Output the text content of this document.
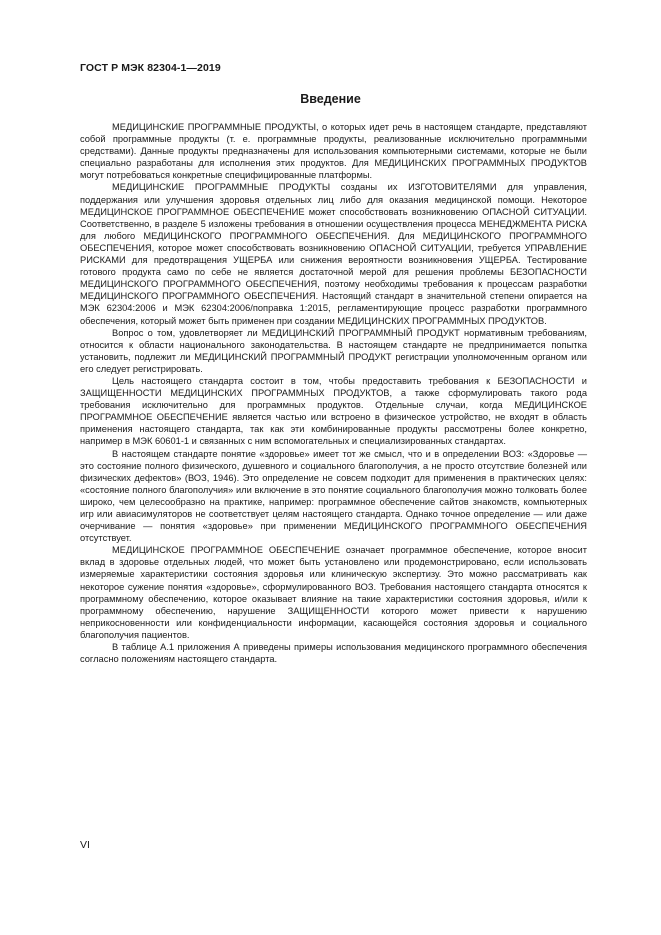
ГОСТ Р МЭК 82304-1—2019
Введение

МЕДИЦИНСКИЕ ПРОГРАММНЫЕ ПРОДУКТЫ, о которых идет речь в настоящем стандарте, представляют собой программные продукты (т. е. программные продукты, реализованные исключительно программными средствами). Данные продукты предназначены для использования компьютерными системами, которые не были специально разработаны для исполнения этих продуктов. Для МЕДИЦИНСКИХ ПРОГРАММНЫХ ПРОДУКТОВ могут потребоваться конкретные специфицированные платформы.

МЕДИЦИНСКИЕ ПРОГРАММНЫЕ ПРОДУКТЫ созданы их ИЗГОТОВИТЕЛЯМИ для управления, поддержания или улучшения здоровья отдельных лиц либо для оказания медицинской помощи. Некоторое МЕДИЦИНСКОЕ ПРОГРАММНОЕ ОБЕСПЕЧЕНИЕ может способствовать возникновению ОПАСНОЙ СИТУАЦИИ. Соответственно, в разделе 5 изложены требования в отношении осуществления процесса МЕНЕДЖМЕНТА РИСКА для любого МЕДИЦИНСКОГО ПРОГРАММНОГО ОБЕСПЕЧЕНИЯ. Для МЕДИЦИНСКОГО ПРОГРАММНОГО ОБЕСПЕЧЕНИЯ, которое может способствовать возникновению ОПАСНОЙ СИТУАЦИИ, требуется УПРАВЛЕНИЕ РИСКАМИ для предотвращения УЩЕРБА или снижения вероятности возникновения УЩЕРБА. Тестирование готового продукта само по себе не является достаточной мерой для решения проблемы БЕЗОПАСНОСТИ МЕДИЦИНСКОГО ПРОГРАММНОГО ОБЕСПЕЧЕНИЯ, поэтому необходимы требования к процессам разработки МЕДИЦИНСКОГО ПРОГРАММНОГО ОБЕСПЕЧЕНИЯ. Настоящий стандарт в значительной степени опирается на МЭК 62304:2006 и МЭК 62304:2006/поправка 1:2015, регламентирующие процесс разработки программного обеспечения, который может быть применен при создании МЕДИЦИНСКИХ ПРОГРАММНЫХ ПРОДУКТОВ.

Вопрос о том, удовлетворяет ли МЕДИЦИНСКИЙ ПРОГРАММНЫЙ ПРОДУКТ нормативным требованиям, относится к области национального законодательства. В настоящем стандарте не предпринимается попытка установить, подлежит ли МЕДИЦИНСКИЙ ПРОГРАММНЫЙ ПРОДУКТ регистрации уполномоченным органом или его следует регистрировать.

Цель настоящего стандарта состоит в том, чтобы предоставить требования к БЕЗОПАСНОСТИ и ЗАЩИЩЕННОСТИ МЕДИЦИНСКИХ ПРОГРАММНЫХ ПРОДУКТОВ, а также сформулировать такого рода требования исключительно для программных продуктов. Отдельные случаи, когда МЕДИЦИНСКОЕ ПРОГРАММНОЕ ОБЕСПЕЧЕНИЕ является частью или встроено в физическое устройство, не входят в область применения настоящего стандарта, так как эти комбинированные продукты рассмотрены более конкретно, например в МЭК 60601-1 и связанных с ним вспомогательных и специализированных стандартах.

В настоящем стандарте понятие «здоровье» имеет тот же смысл, что и в определении ВОЗ: «Здоровье — это состояние полного физического, душевного и социального благополучия, а не просто отсутствие болезней или физических дефектов» (ВОЗ, 1946). Это определение не совсем подходит для применения в практических целях: «состояние полного благополучия» или включение в это понятие социального благополучия можно толковать более широко, чем целесообразно на практике, например: программное обеспечение сайтов знакомств, компьютерных игр или авиасимуляторов не соответствует целям настоящего стандарта. Однако точное определение — или даже очерчивание — понятия «здоровье» при применении МЕДИЦИНСКОГО ПРОГРАММНОГО ОБЕСПЕЧЕНИЯ отсутствует.

МЕДИЦИНСКОЕ ПРОГРАММНОЕ ОБЕСПЕЧЕНИЕ означает программное обеспечение, которое вносит вклад в здоровье отдельных людей, что может быть установлено или продемонстрировано, если использовать измеряемые характеристики состояния здоровья или клиническую экспертизу. Это можно рассматривать как некоторое сужение понятия «здоровье», сформулированного ВОЗ. Требования настоящего стандарта относятся к программному обеспечению, которое оказывает влияние на такие характеристики состояния здоровья, и/или к программному обеспечению, нарушение ЗАЩИЩЕННОСТИ которого может привести к нарушению неприкосновенности или конфиденциальности информации, касающейся состояния здоровья и социального благополучия пациентов.

В таблице А.1 приложения А приведены примеры использования медицинского программного обеспечения согласно положениям настоящего стандарта.

VI
